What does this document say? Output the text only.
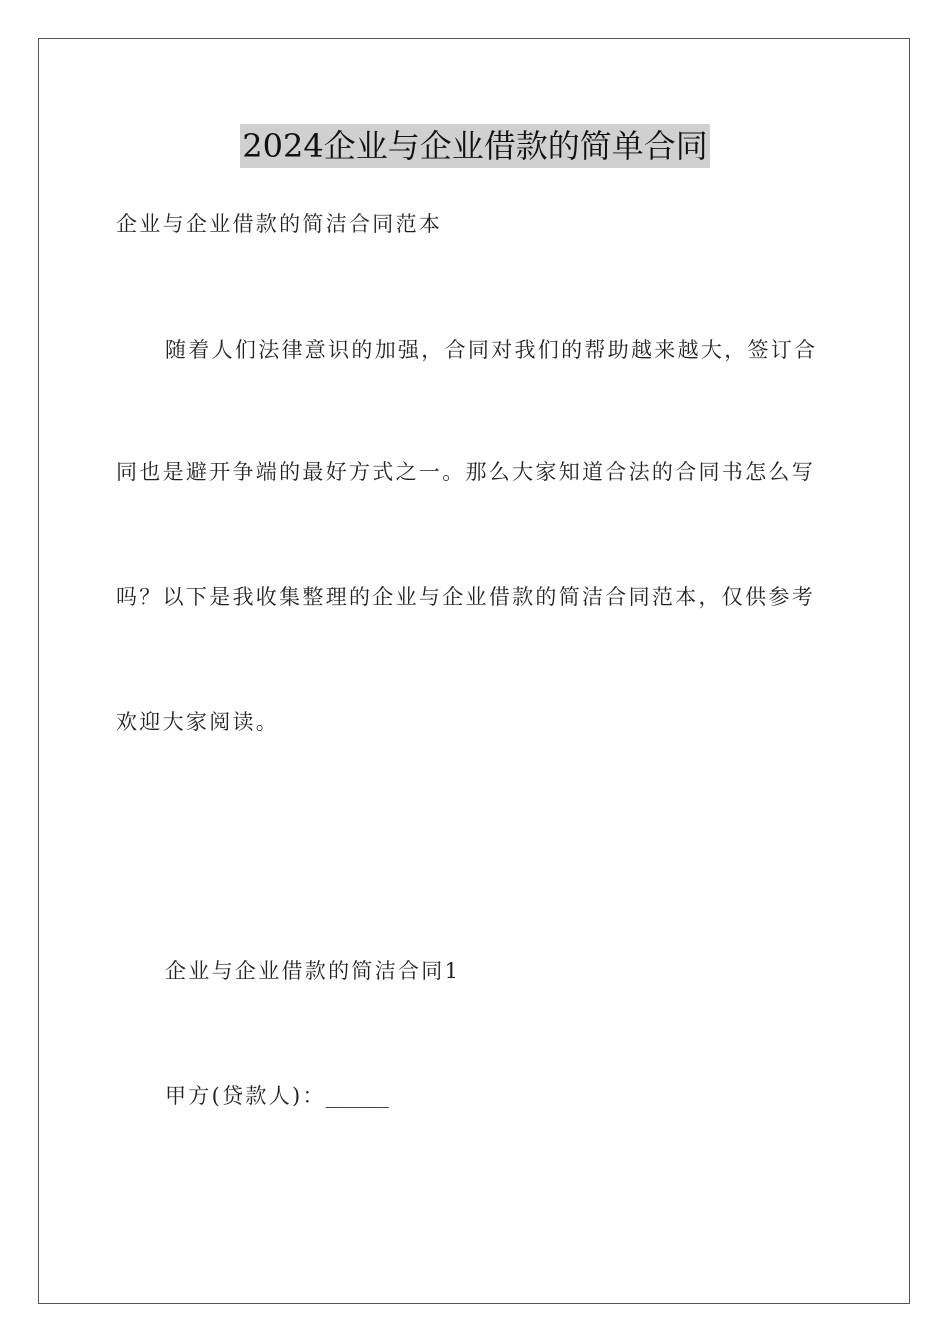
2024企业与企业借款的简单合同
企业与企业借款的简洁合同范本
随着人们法律意识的加强，合同对我们的帮助越来越大，签订合
同也是避开争端的最好方式之一。那么大家知道合法的合同书怎么写
吗？以下是我收集整理的企业与企业借款的简洁合同范本，仅供参考
欢迎大家阅读。
企业与企业借款的简洁合同1
甲方(贷款人)：______
